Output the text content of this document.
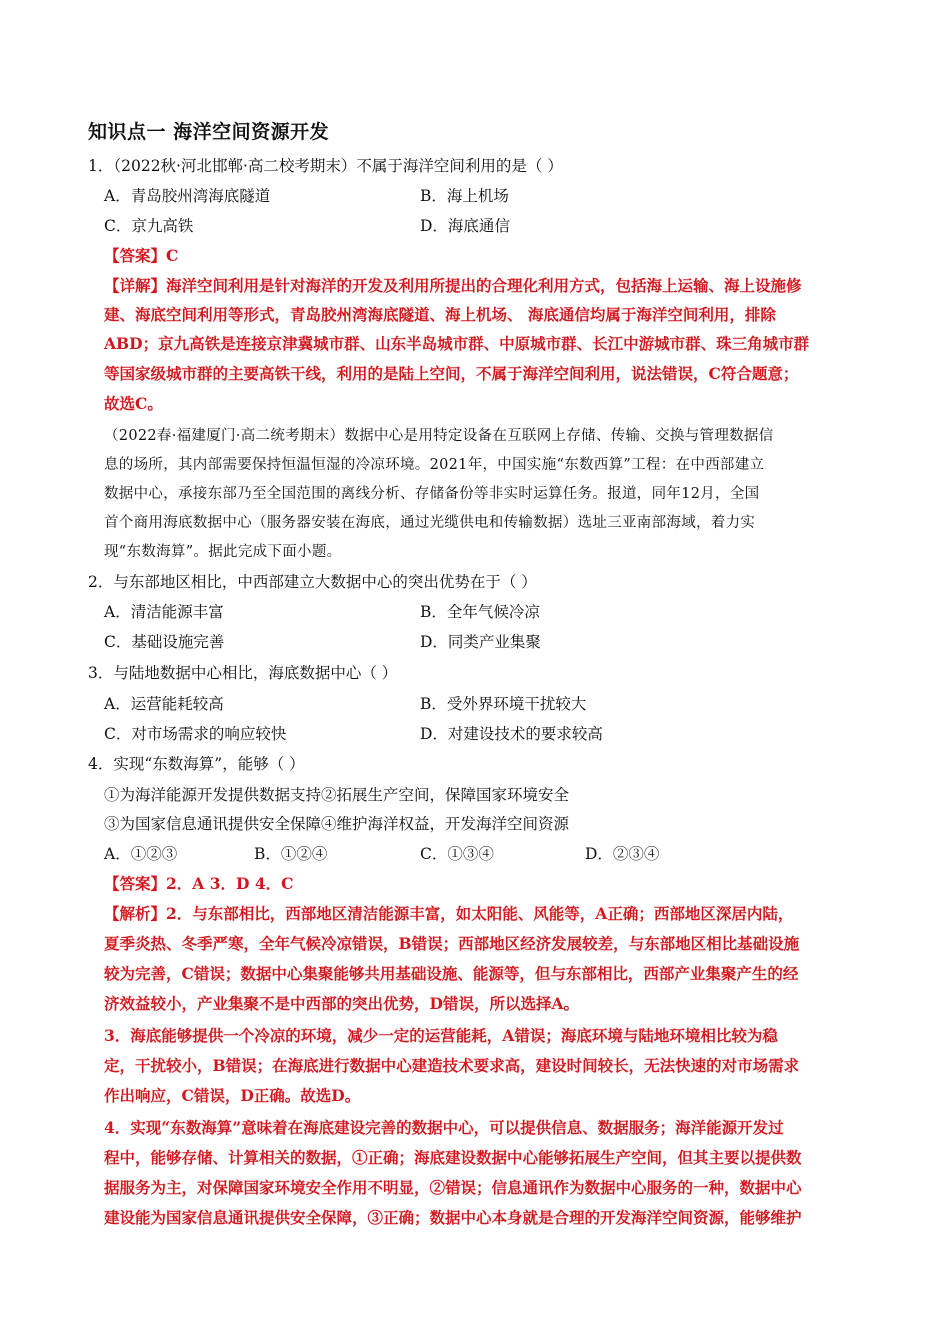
知识点一 海洋空间资源开发
1．（2022秋·河北邯郸·高二校考期末）不属于海洋空间利用的是（ ）
A．青岛胶州湾海底隧道	B．海上机场
C．京九高铁	D．海底通信
【答案】C
【详解】海洋空间利用是针对海洋的开发及利用所提出的合理化利用方式，包括海上运输、海上设施修
建、海底空间利用等形式，青岛胶州湾海底隧道、海上机场、 海底通信均属于海洋空间利用，排除
ABD；京九高铁是连接京津冀城市群、山东半岛城市群、中原城市群、长江中游城市群、珠三角城市群
等国家级城市群的主要高铁干线，利用的是陆上空间，不属于海洋空间利用，说法错误，C符合题意；
故选C。
（2022春·福建厦门·高二统考期末）数据中心是用特定设备在互联网上存储、传输、交换与管理数据信
息的场所，其内部需要保持恒温恒湿的冷凉环境。2021年，中国实施“东数西算”工程：在中西部建立
数据中心，承接东部乃至全国范围的离线分析、存储备份等非实时运算任务。报道，同年12月，全国
首个商用海底数据中心（服务器安装在海底，通过光缆供电和传输数据）选址三亚南部海域，着力实
现“东数海算”。据此完成下面小题。
2．与东部地区相比，中西部建立大数据中心的突出优势在于（ ）
A．清洁能源丰富	B．全年气候冷凉
C．基础设施完善	D．同类产业集聚
3．与陆地数据中心相比，海底数据中心（ ）
A．运营能耗较高	B．受外界环境干扰较大
C．对市场需求的响应较快	D．对建设技术的要求较高
4．实现“东数海算”，能够（ ）
①为海洋能源开发提供数据支持②拓展生产空间，保障国家环境安全
③为国家信息通讯提供安全保障④维护海洋权益，开发海洋空间资源
A．①②③	B．①②④	C．①③④	D．②③④
【答案】2．A 3．D 4．C
【解析】2．与东部相比，西部地区清洁能源丰富，如太阳能、风能等，A正确；西部地区深居内陆，
夏季炎热、冬季严寒，全年气候冷凉错误，B错误；西部地区经济发展较差，与东部地区相比基础设施
较为完善，C错误；数据中心集聚能够共用基础设施、能源等，但与东部相比，西部产业集聚产生的经
济效益较小，产业集聚不是中西部的突出优势，D错误，所以选择A。
3．海底能够提供一个冷凉的环境，减少一定的运营能耗，A错误；海底环境与陆地环境相比较为稳
定，干扰较小，B错误；在海底进行数据中心建造技术要求高，建设时间较长，无法快速的对市场需求
作出响应，C错误，D正确。故选D。
4．实现“东数海算”意味着在海底建设完善的数据中心，可以提供信息、数据服务；海洋能源开发过
程中，能够存储、计算相关的数据，①正确；海底建设数据中心能够拓展生产空间，但其主要以提供数
据服务为主，对保障国家环境安全作用不明显，②错误；信息通讯作为数据中心服务的一种，数据中心
建设能为国家信息通讯提供安全保障，③正确；数据中心本身就是合理的开发海洋空间资源，能够维护
